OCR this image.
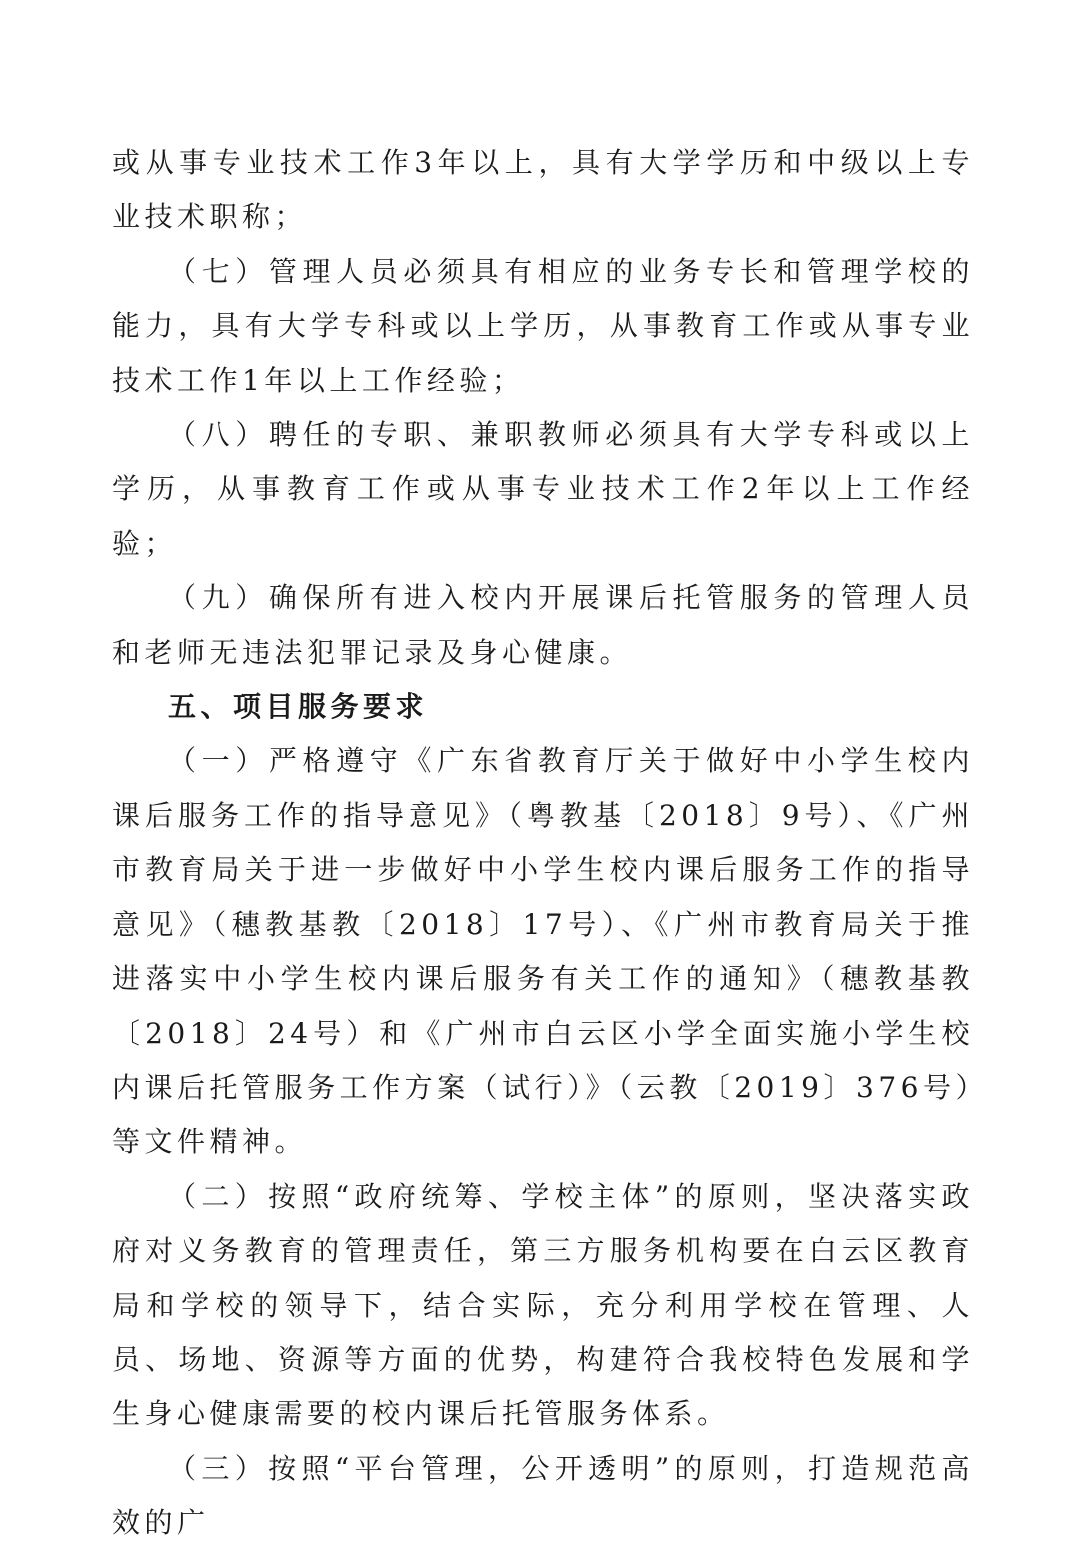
或从事专业技术工作3年以上，具有大学学历和中级以上专业技术职称；

（七）管理人员必须具有相应的业务专长和管理学校的能力，具有大学专科或以上学历，从事教育工作或从事专业技术工作1年以上工作经验；

（八）聘任的专职、兼职教师必须具有大学专科或以上学历，从事教育工作或从事专业技术工作2年以上工作经验；

（九）确保所有进入校内开展课后托管服务的管理人员和老师无违法犯罪记录及身心健康。

五、项目服务要求

（一）严格遵守《广东省教育厅关于做好中小学生校内课后服务工作的指导意见》（粤教基〔2018〕9号）、《广州市教育局关于进一步做好中小学生校内课后服务工作的指导意见》（穗教基教〔2018〕17号）、《广州市教育局关于推进落实中小学生校内课后服务有关工作的通知》（穗教基教〔2018〕24号）和《广州市白云区小学全面实施小学生校内课后托管服务工作方案（试行）》（云教〔2019〕376号）等文件精神。

（二）按照“政府统筹、学校主体”的原则，坚决落实政府对义务教育的管理责任，第三方服务机构要在白云区教育局和学校的领导下，结合实际，充分利用学校在管理、人员、场地、资源等方面的优势，构建符合我校特色发展和学生身心健康需要的校内课后托管服务体系。

（三）按照“平台管理，公开透明”的原则，打造规范高效的广
